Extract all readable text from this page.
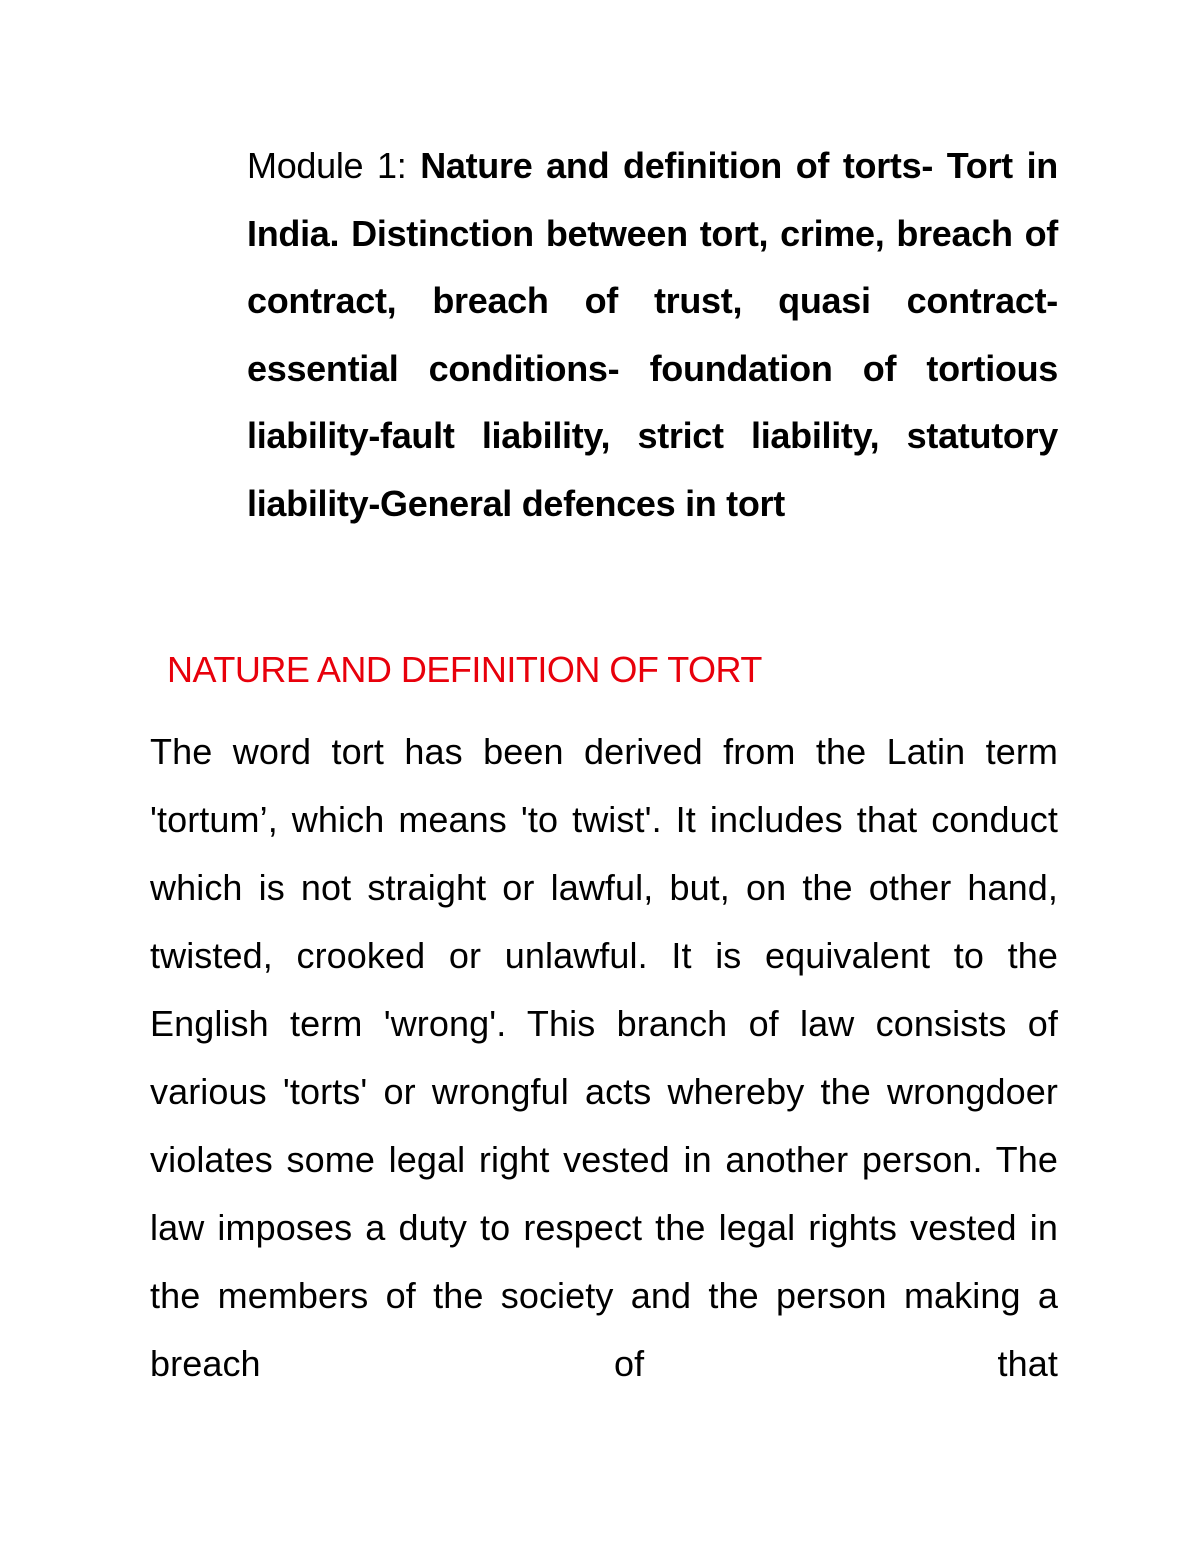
Module 1: Nature and definition of torts- Tort in India. Distinction between tort, crime, breach of contract, breach of trust, quasi contract-essential conditions- foundation of tortious liability-fault liability, strict liability, statutory liability-General defences in tort
NATURE AND DEFINITION OF TORT
The word tort has been derived from the Latin term 'tortum’, which means 'to twist'. It includes that conduct which is not straight or lawful, but, on the other hand, twisted, crooked or unlawful. It is equivalent to the English term 'wrong'. This branch of law consists of various 'torts' or wrongful acts whereby the wrongdoer violates some legal right vested in another person. The law imposes a duty to respect the legal rights vested in the members of the society and the person making a breach of that
